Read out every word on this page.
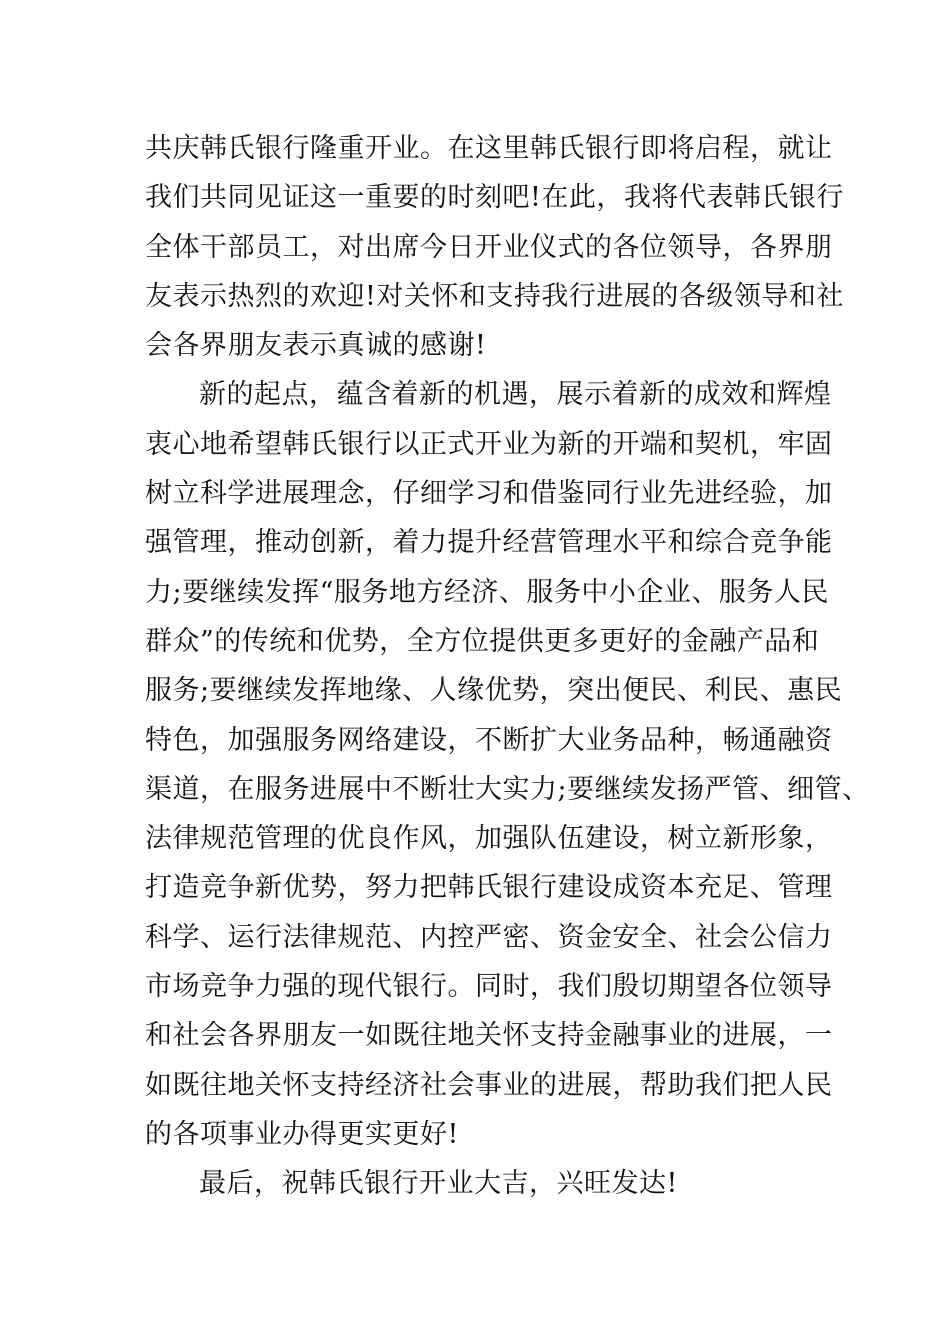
共庆韩氏银行隆重开业。在这里韩氏银行即将启程，就让
我们共同见证这一重要的时刻吧!在此，我将代表韩氏银行
全体干部员工，对出席今日开业仪式的各位领导，各界朋
友表示热烈的欢迎!对关怀和支持我行进展的各级领导和社
会各界朋友表示真诚的感谢!
新的起点，蕴含着新的机遇，展示着新的成效和辉煌
衷心地希望韩氏银行以正式开业为新的开端和契机，牢固
树立科学进展理念，仔细学习和借鉴同行业先进经验，加
强管理，推动创新，着力提升经营管理水平和综合竞争能
力;要继续发挥“服务地方经济、服务中小企业、服务人民
群众”的传统和优势，全方位提供更多更好的金融产品和
服务;要继续发挥地缘、人缘优势，突出便民、利民、惠民
特色，加强服务网络建设，不断扩大业务品种，畅通融资
渠道，在服务进展中不断壮大实力;要继续发扬严管、细管、
法律规范管理的优良作风，加强队伍建设，树立新形象，
打造竞争新优势，努力把韩氏银行建设成资本充足、管理
科学、运行法律规范、内控严密、资金安全、社会公信力
市场竞争力强的现代银行。同时，我们殷切期望各位领导
和社会各界朋友一如既往地关怀支持金融事业的进展，一
如既往地关怀支持经济社会事业的进展，帮助我们把人民
的各项事业办得更实更好!
最后，祝韩氏银行开业大吉，兴旺发达!
